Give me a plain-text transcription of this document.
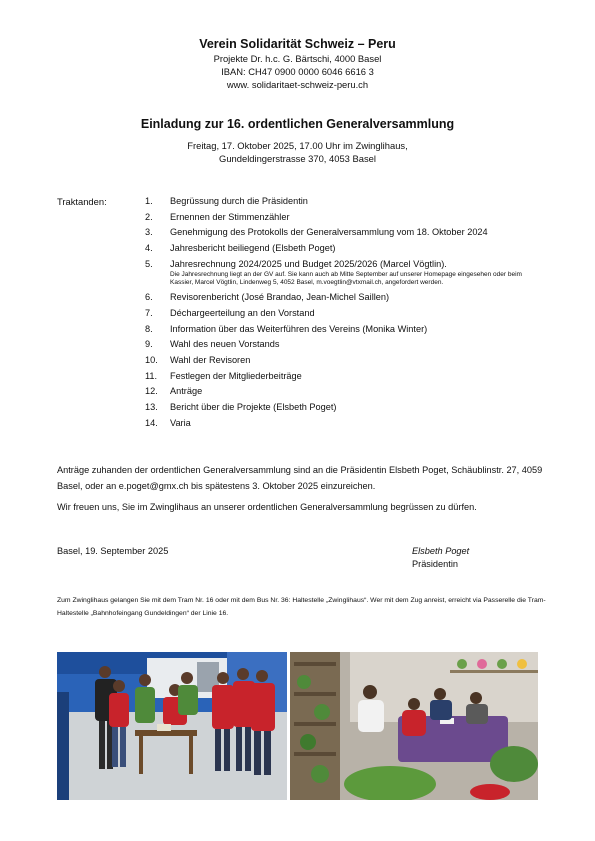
Verein Solidarität Schweiz – Peru
Projekte Dr. h.c. G. Bärtschi, 4000 Basel
IBAN: CH47 0900 0000 6046 6616 3
www. solidaritaet-schweiz-peru.ch
Einladung zur 16. ordentlichen Generalversammlung
Freitag, 17. Oktober 2025, 17.00 Uhr im Zwinglihaus,
Gundeldingerstrasse 370, 4053 Basel
Traktanden:	1.	Begrüssung durch die Präsidentin
2.	Ernennen der Stimmenzähler
3.	Genehmigung des Protokolls der Generalversammlung vom 18. Oktober 2024
4.	Jahresbericht beiliegend (Elsbeth Poget)
5.	Jahresrechnung 2024/2025 und Budget 2025/2026 (Marcel Vögtlin).
Die Jahresrechnung liegt an der GV auf. Sie kann auch ab Mitte September auf unserer Homepage eingesehen oder beim Kassier, Marcel Vögtlin, Lindenweg 5, 4052 Basel, m.voegtlin@vtxmail.ch, angefordert werden.
6.	Revisorenbericht (José Brandao, Jean-Michel Saillen)
7.	Déchargeerteilung an den Vorstand
8.	Information über das Weiterführen des Vereins (Monika Winter)
9.	Wahl des neuen Vorstands
10.	Wahl der Revisoren
11.	Festlegen der Mitgliederbeiträge
12.	Anträge
13.	Bericht über die Projekte (Elsbeth Poget)
14.	Varia
Anträge zuhanden der ordentlichen Generalversammlung sind an die Präsidentin Elsbeth Poget, Schäublinstr. 27, 4059 Basel, oder an e.poget@gmx.ch bis spätestens 3. Oktober 2025 einzureichen.
Wir freuen uns, Sie im Zwinglihaus an unserer ordentlichen Generalversammlung begrüssen zu dürfen.
Basel, 19. September 2025	Elsbeth Poget
Präsidentin
Zum Zwinglihaus gelangen Sie mit dem Tram Nr. 16 oder mit dem Bus Nr. 36: Haltestelle „Zwinglihaus“. Wer mit dem Zug anreist, erreicht via Passerelle die Tram-Haltestelle „Bahnhofeingang Gundeldingen“ der Linie 16.
